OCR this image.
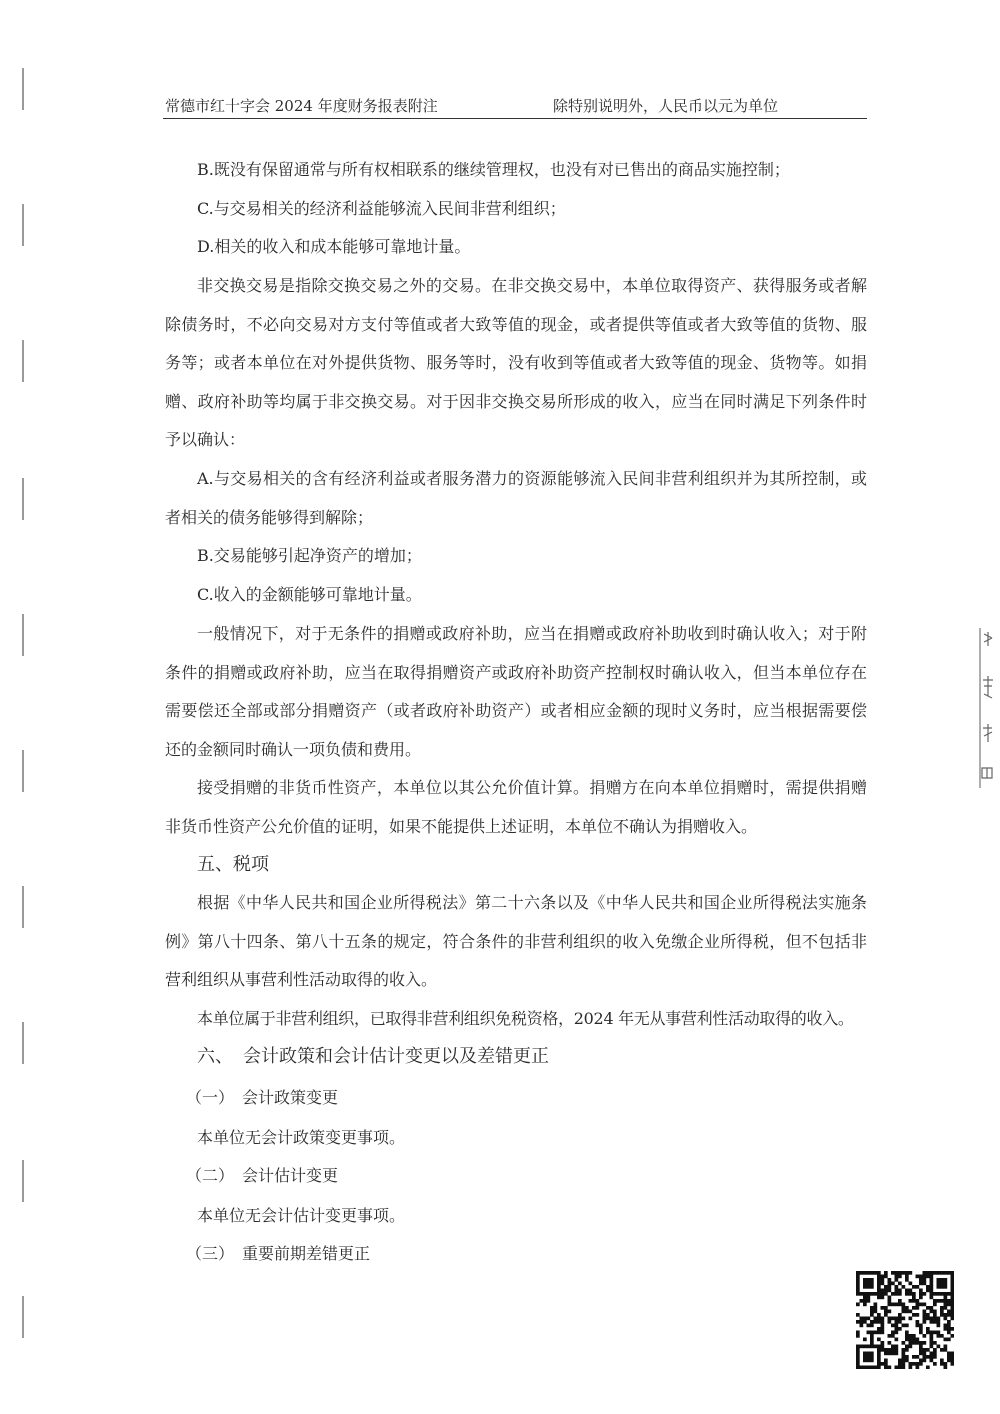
常德市红十字会 2024 年度财务报表附注	除特别说明外，人民币以元为单位

B.既没有保留通常与所有权相联系的继续管理权，也没有对已售出的商品实施控制；

C.与交易相关的经济利益能够流入民间非营利组织；

D.相关的收入和成本能够可靠地计量。

非交换交易是指除交换交易之外的交易。在非交换交易中，本单位取得资产、获得服务或者解除债务时，不必向交易对方支付等值或者大致等值的现金，或者提供等值或者大致等值的货物、服务等；或者本单位在对外提供货物、服务等时，没有收到等值或者大致等值的现金、货物等。如捐赠、政府补助等均属于非交换交易。对于因非交换交易所形成的收入，应当在同时满足下列条件时予以确认：

A.与交易相关的含有经济利益或者服务潜力的资源能够流入民间非营利组织并为其所控制，或者相关的债务能够得到解除；

B.交易能够引起净资产的增加；

C.收入的金额能够可靠地计量。

一般情况下，对于无条件的捐赠或政府补助，应当在捐赠或政府补助收到时确认收入；对于附条件的捐赠或政府补助，应当在取得捐赠资产或政府补助资产控制权时确认收入，但当本单位存在需要偿还全部或部分捐赠资产（或者政府补助资产）或者相应金额的现时义务时，应当根据需要偿还的金额同时确认一项负债和费用。

接受捐赠的非货币性资产，本单位以其公允价值计算。捐赠方在向本单位捐赠时，需提供捐赠非货币性资产公允价值的证明，如果不能提供上述证明，本单位不确认为捐赠收入。

五、税项

根据《中华人民共和国企业所得税法》第二十六条以及《中华人民共和国企业所得税法实施条例》第八十四条、第八十五条的规定，符合条件的非营利组织的收入免缴企业所得税，但不包括非营利组织从事营利性活动取得的收入。

本单位属于非营利组织，已取得非营利组织免税资格，2024 年无从事营利性活动取得的收入。

六、 会计政策和会计估计变更以及差错更正
（一） 会计政策变更

本单位无会计政策变更事项。

（二） 会计估计变更

本单位无会计估计变更事项。

（三） 重要前期差错更正
